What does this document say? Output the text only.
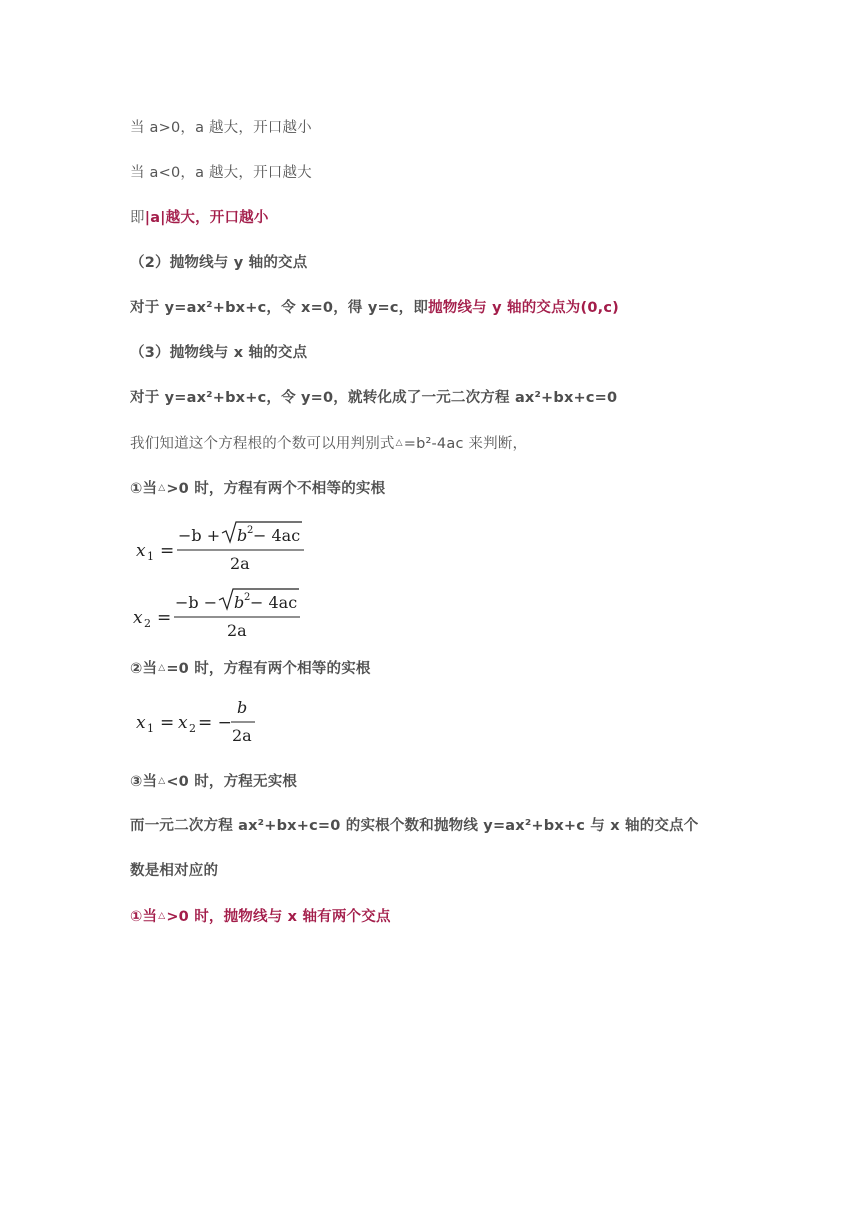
当 a>0，a 越大，开口越小
当 a<0，a 越大，开口越大
即|a|越大，开口越小
（2）抛物线与 y 轴的交点
对于 y=ax²+bx+c，令 x=0，得 y=c，即抛物线与 y 轴的交点为(0,c)
（3）抛物线与 x 轴的交点
对于 y=ax²+bx+c，令 y=0，就转化成了一元二次方程 ax²+bx+c=0
我们知道这个方程根的个数可以用判别式△=b²-4ac 来判断，
①当△>0 时，方程有两个不相等的实根
x 1 =
−b + b 2 − 4ac
2a
x 2 =
−b − b 2 − 4ac
2a
②当△=0 时，方程有两个相等的实根
x 1 = x 2 = −
b
2a
③当△<0 时，方程无实根
而一元二次方程 ax²+bx+c=0 的实根个数和抛物线 y=ax²+bx+c 与 x 轴的交点个
数是相对应的
①当△>0 时，抛物线与 x 轴有两个交点
